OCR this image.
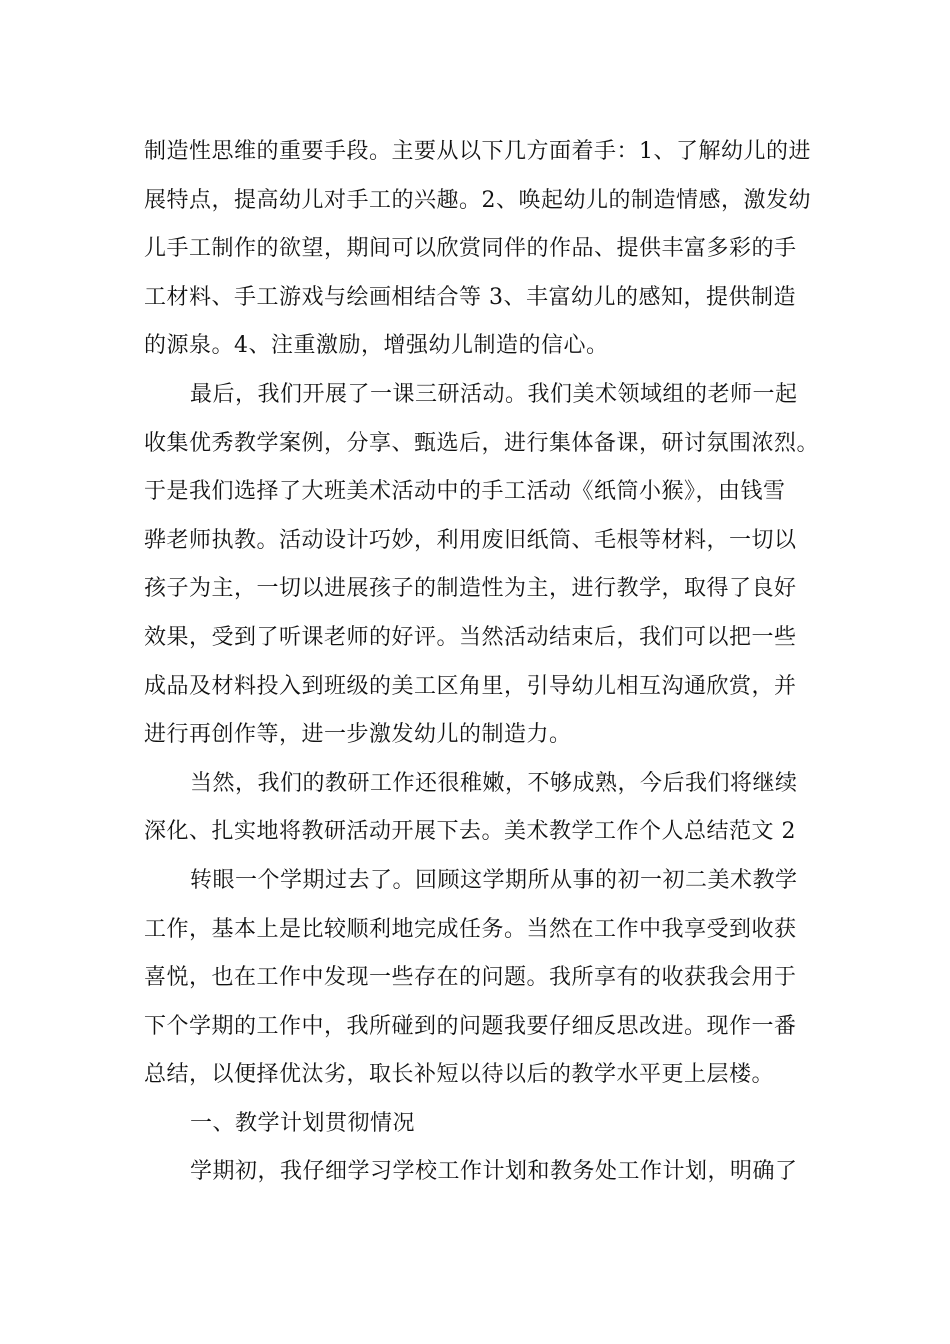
制造性思维的重要手段。主要从以下几方面着手：1、了解幼儿的进
展特点，提高幼儿对手工的兴趣。2、唤起幼儿的制造情感，激发幼
儿手工制作的欲望，期间可以欣赏同伴的作品、提供丰富多彩的手
工材料、手工游戏与绘画相结合等 3、丰富幼儿的感知，提供制造
的源泉。4、注重激励，增强幼儿制造的信心。
最后，我们开展了一课三研活动。我们美术领域组的老师一起
收集优秀教学案例，分享、甄选后，进行集体备课，研讨氛围浓烈。
于是我们选择了大班美术活动中的手工活动《纸筒小猴》，由钱雪
骅老师执教。活动设计巧妙，利用废旧纸筒、毛根等材料，一切以
孩子为主，一切以进展孩子的制造性为主，进行教学，取得了良好
效果，受到了听课老师的好评。当然活动结束后，我们可以把一些
成品及材料投入到班级的美工区角里，引导幼儿相互沟通欣赏，并
进行再创作等，进一步激发幼儿的制造力。
当然，我们的教研工作还很稚嫩，不够成熟，今后我们将继续
深化、扎实地将教研活动开展下去。美术教学工作个人总结范文 2
转眼一个学期过去了。回顾这学期所从事的初一初二美术教学
工作，基本上是比较顺利地完成任务。当然在工作中我享受到收获
喜悦，也在工作中发现一些存在的问题。我所享有的收获我会用于
下个学期的工作中，我所碰到的问题我要仔细反思改进。现作一番
总结，以便择优汰劣，取长补短以待以后的教学水平更上层楼。
一、教学计划贯彻情况
学期初，我仔细学习学校工作计划和教务处工作计划，明确了
